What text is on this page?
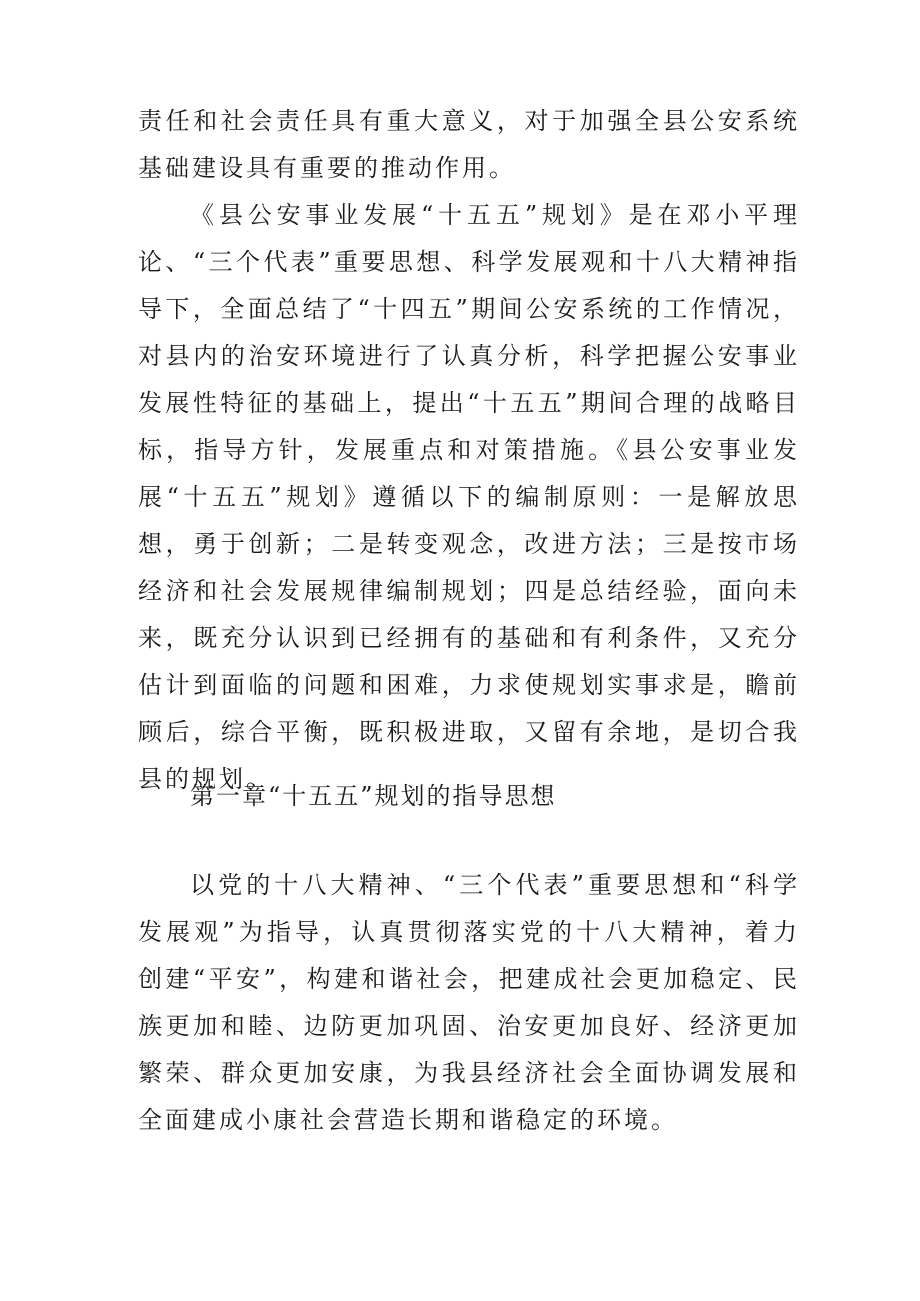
责任和社会责任具有重大意义，对于加强全县公安系统基础建设具有重要的推动作用。

《县公安事业发展“十五五”规划》是在邓小平理论、“三个代表”重要思想、科学发展观和十八大精神指导下，全面总结了“十四五”期间公安系统的工作情况，对县内的治安环境进行了认真分析，科学把握公安事业发展性特征的基础上，提出“十五五”期间合理的战略目标，指导方针，发展重点和对策措施。《县公安事业发展“十五五”规划》遵循以下的编制原则：一是解放思想，勇于创新；二是转变观念，改进方法；三是按市场经济和社会发展规律编制规划；四是总结经验，面向未来，既充分认识到已经拥有的基础和有利条件，又充分估计到面临的问题和困难，力求使规划实事求是，瞻前顾后，综合平衡，既积极进取，又留有余地，是切合我县的规划。

第一章“十五五”规划的指导思想

以党的十八大精神、“三个代表”重要思想和“科学发展观”为指导，认真贯彻落实党的十八大精神，着力创建“平安”，构建和谐社会，把建成社会更加稳定、民族更加和睦、边防更加巩固、治安更加良好、经济更加繁荣、群众更加安康，为我县经济社会全面协调发展和全面建成小康社会营造长期和谐稳定的环境。
